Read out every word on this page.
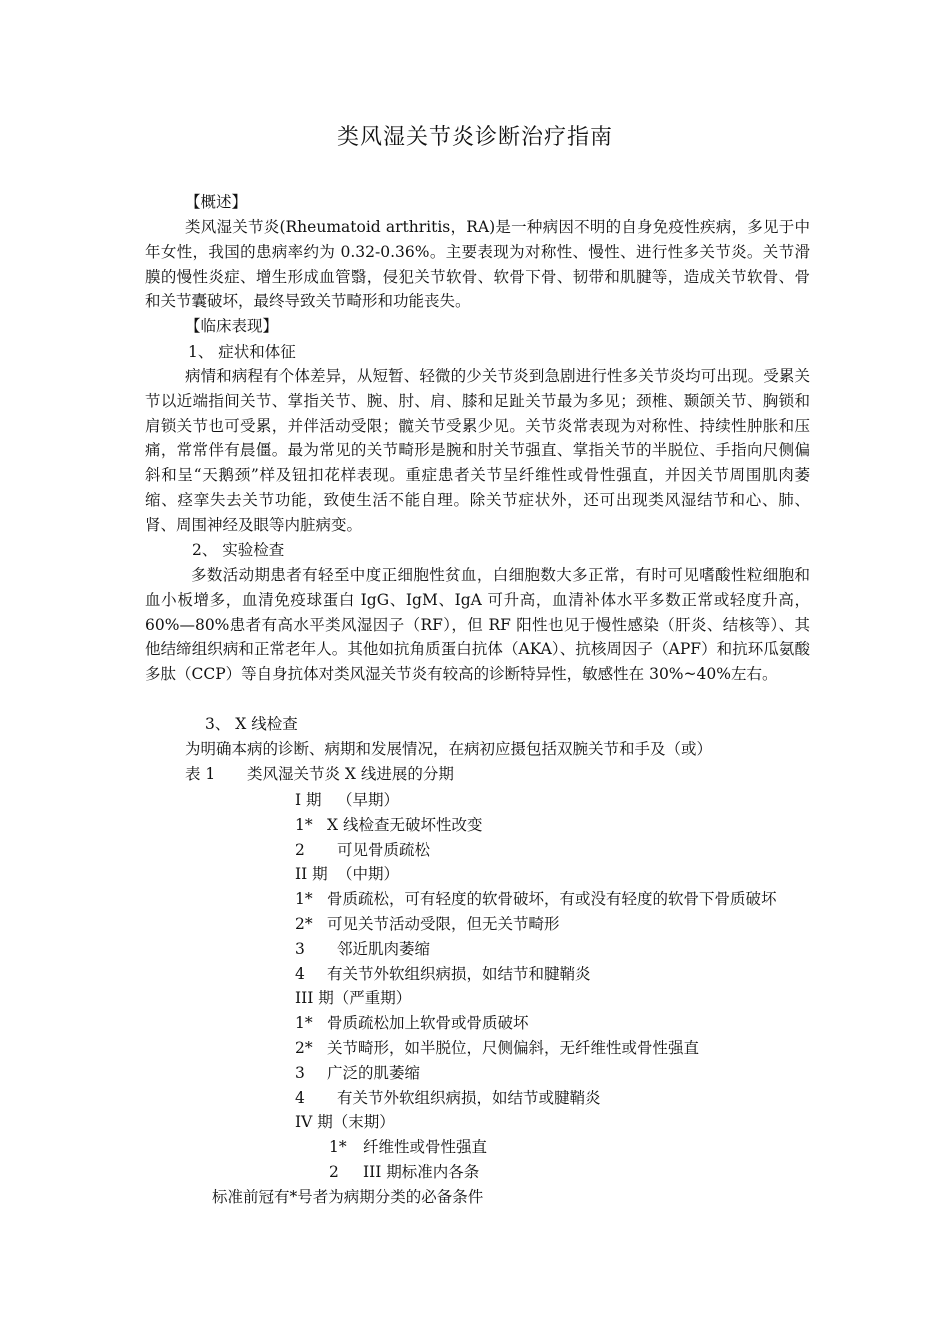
类风湿关节炎诊断治疗指南
【概述】

类风湿关节炎(Rheumatoid arthritis，RA)是一种病因不明的自身免疫性疾病，多见于中年女性，我国的患病率约为 0.32-0.36%。主要表现为对称性、慢性、进行性多关节炎。关节滑膜的慢性炎症、增生形成血管翳，侵犯关节软骨、软骨下骨、韧带和肌腱等，造成关节软骨、骨和关节囊破坏，最终导致关节畸形和功能丧失。

【临床表现】
1、 症状和体征

病情和病程有个体差异，从短暂、轻微的少关节炎到急剧进行性多关节炎均可出现。受累关节以近端指间关节、掌指关节、腕、肘、肩、膝和足趾关节最为多见；颈椎、颞颌关节、胸锁和肩锁关节也可受累，并伴活动受限；髋关节受累少见。关节炎常表现为对称性、持续性肿胀和压痛，常常伴有晨僵。最为常见的关节畸形是腕和肘关节强直、掌指关节的半脱位、手指向尺侧偏斜和呈“天鹅颈”样及钮扣花样表现。重症患者关节呈纤维性或骨性强直，并因关节周围肌肉萎缩、痉挛失去关节功能，致使生活不能自理。除关节症状外，还可出现类风湿结节和心、肺、肾、周围神经及眼等内脏病变。

2、 实验检查

多数活动期患者有轻至中度正细胞性贫血，白细胞数大多正常，有时可见嗜酸性粒细胞和血小板增多，血清免疫球蛋白 IgG、IgM、IgA 可升高，血清补体水平多数正常或轻度升高，60%—80%患者有高水平类风湿因子（RF），但 RF 阳性也见于慢性感染（肝炎、结核等）、其他结缔组织病和正常老年人。其他如抗角质蛋白抗体（AKA）、抗核周因子（APF）和抗环瓜氨酸多肽（CCP）等自身抗体对类风湿关节炎有较高的诊断特异性，敏感性在 30%~40%左右。

3、 X 线检查
为明确本病的诊断、病期和发展情况，在病初应摄包括双腕关节和手及（或）
表 1 类风湿关节炎 X 线进展的分期
I 期 （早期）
1* X 线检查无破坏性改变
2 可见骨质疏松
II 期 （中期）
1* 骨质疏松，可有轻度的软骨破坏，有或没有轻度的软骨下骨质破坏
2* 可见关节活动受限，但无关节畸形
3 邻近肌肉萎缩
4 有关节外软组织病损，如结节和腱鞘炎
III 期（严重期）
1* 骨质疏松加上软骨或骨质破坏
2* 关节畸形，如半脱位，尺侧偏斜，无纤维性或骨性强直
3 广泛的肌萎缩
4 有关节外软组织病损，如结节或腱鞘炎
IV 期（末期）
1* 纤维性或骨性强直
2 III 期标准内各条
标准前冠有*号者为病期分类的必备条件
